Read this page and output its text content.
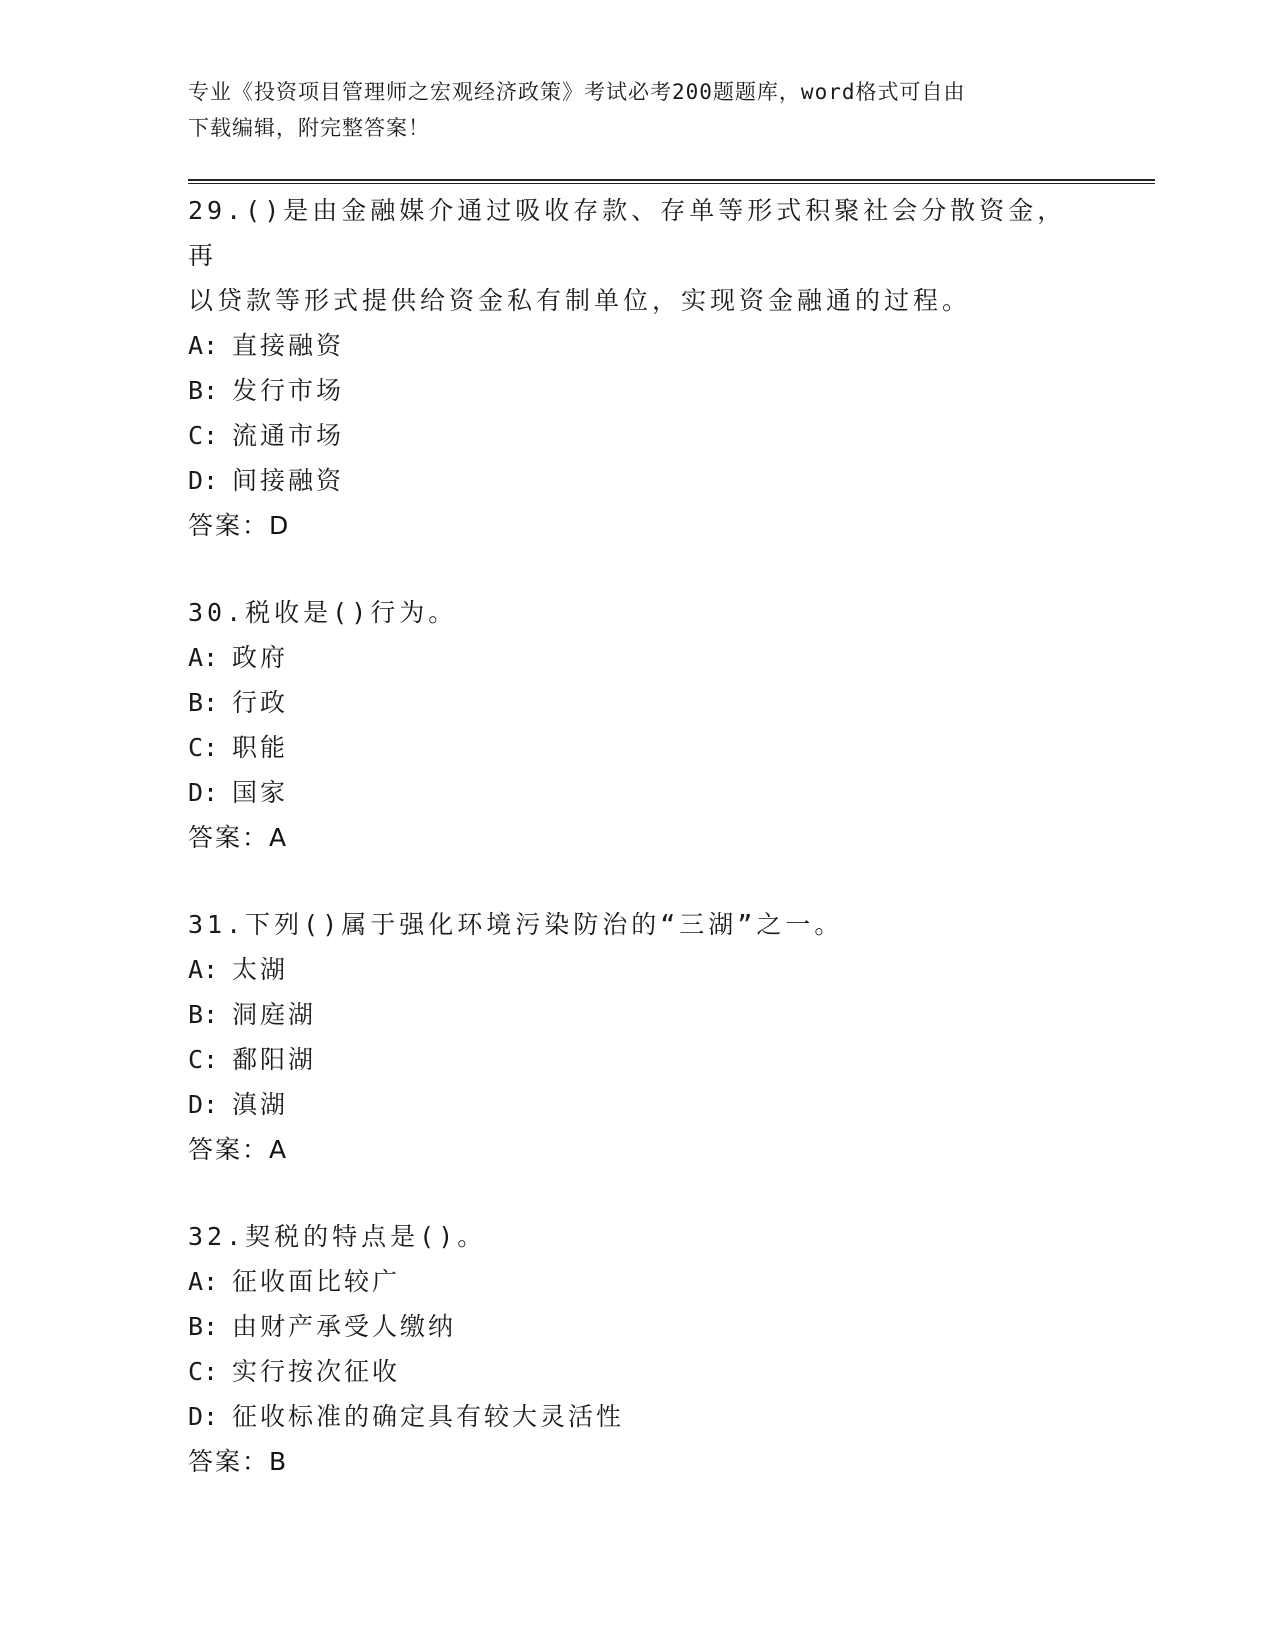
专业《投资项目管理师之宏观经济政策》考试必考200题题库，word格式可自由
下载编辑，附完整答案！
29.()是由金融媒介通过吸收存款、存单等形式积聚社会分散资金，再
以贷款等形式提供给资金私有制单位，实现资金融通的过程。
A: 直接融资
B: 发行市场
C: 流通市场
D: 间接融资
答案：D
30.税收是()行为。
A: 政府
B: 行政
C: 职能
D: 国家
答案：A
31.下列()属于强化环境污染防治的“三湖”之一。
A: 太湖
B: 洞庭湖
C: 鄱阳湖
D: 滇湖
答案：A
32.契税的特点是()。
A: 征收面比较广
B: 由财产承受人缴纳
C: 实行按次征收
D: 征收标准的确定具有较大灵活性
答案：B
